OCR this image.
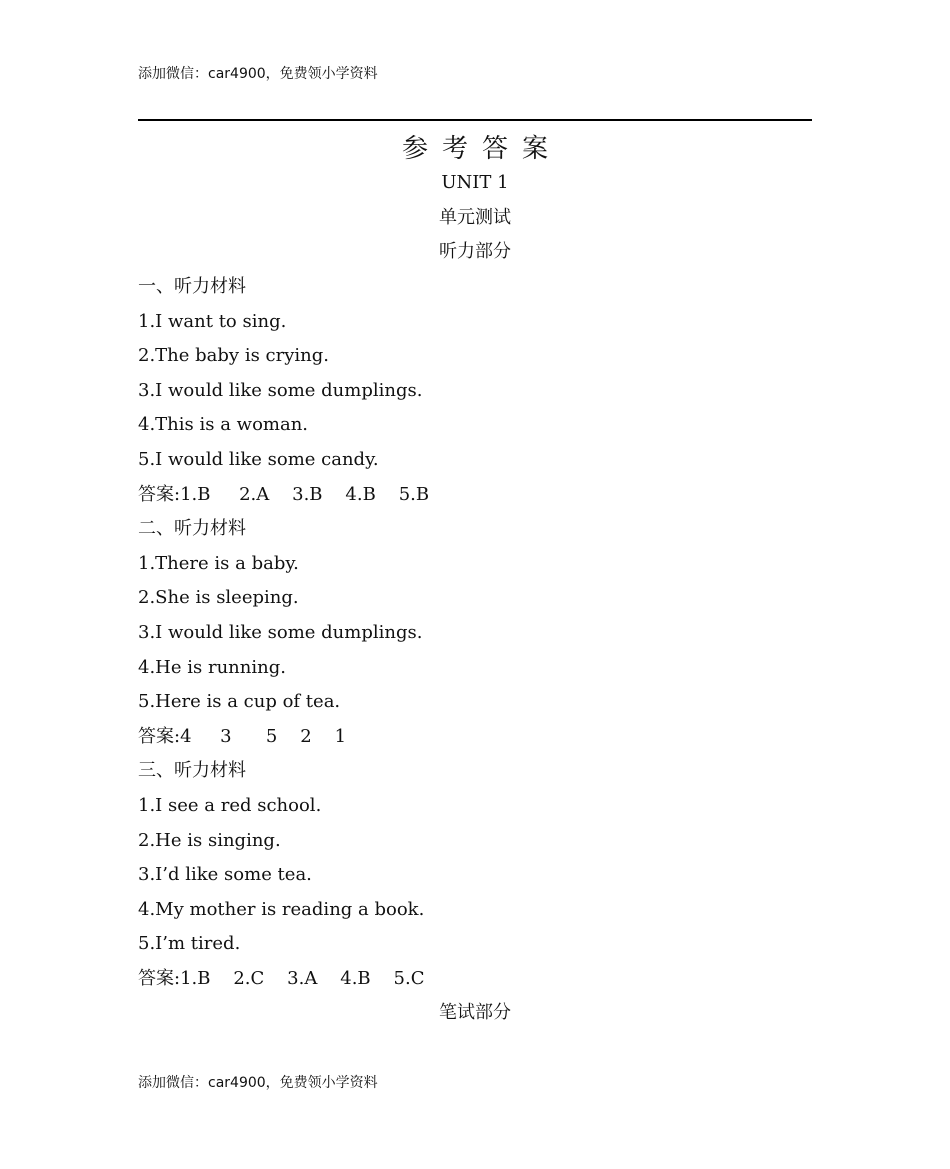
添加微信：car4900，免费领小学资料
参考答案
UNIT 1
单元测试
听力部分
一、听力材料
1.I want to sing.
2.The baby is crying.
3.I would like some dumplings.
4.This is a woman.
5.I would like some candy.
答案:1.B     2.A    3.B    4.B    5.B
二、听力材料
1.There is a baby.
2.She is sleeping.
3.I would like some dumplings.
4.He is running.
5.Here is a cup of tea.
答案:4     3      5    2    1
三、听力材料
1.I see a red school.
2.He is singing.
3.I’d like some tea.
4.My mother is reading a book.
5.I’m tired.
答案:1.B    2.C    3.A    4.B    5.C
笔试部分
添加微信：car4900，免费领小学资料
